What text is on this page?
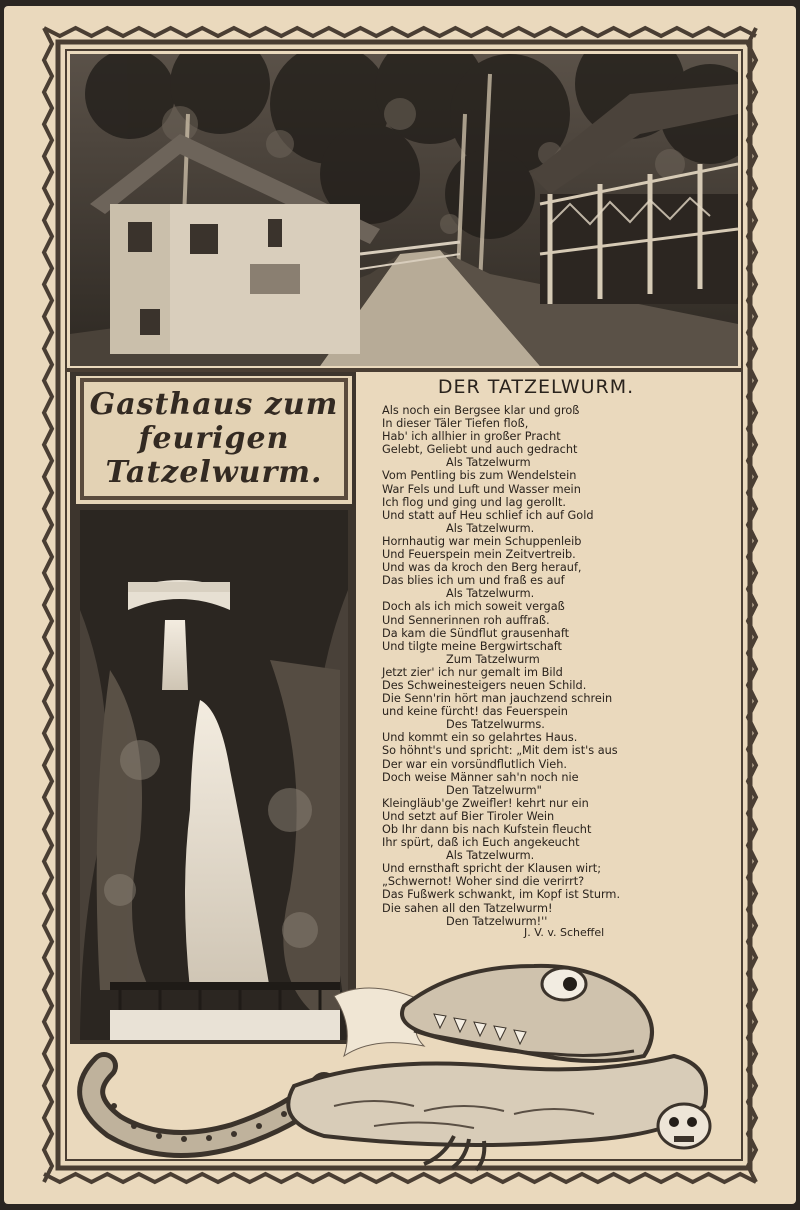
Gasthaus zum
feurigen
Tatzelwurm.
DER TATZELWURM.
Als noch ein Bergsee klar und groß
In dieser Täler Tiefen floß,
Hab' ich allhier in großer Pracht
Gelebt, Geliebt und auch gedracht
Als Tatzelwurm
Vom Pentling bis zum Wendelstein
War Fels und Luft und Wasser mein
Ich flog und ging und lag gerollt.
Und statt auf Heu schlief ich auf Gold
Als Tatzelwurm.
Hornhautig war mein Schuppenleib
Und Feuerspein mein Zeitvertreib.
Und was da kroch den Berg herauf,
Das blies ich um und fraß es auf
Als Tatzelwurm.
Doch als ich mich soweit vergaß
Und Sennerinnen roh auffraß.
Da kam die Sündflut grausenhaft
Und tilgte meine Bergwirtschaft
Zum Tatzelwurm
Jetzt zier' ich nur gemalt im Bild
Des Schweinesteigers neuen Schild.
Die Senn'rin hört man jauchzend schrein
und keine fürcht! das Feuerspein
Des Tatzelwurms.
Und kommt ein so gelahrtes Haus.
So höhnt's und spricht: „Mit dem ist's aus
Der war ein vorsündflutlich Vieh.
Doch weise Männer sah'n noch nie
Den Tatzelwurm"
Kleingläub'ge Zweifler! kehrt nur ein
Und setzt auf Bier Tiroler Wein
Ob Ihr dann bis nach Kufstein fleucht
Ihr spürt, daß ich Euch angekeucht
Als Tatzelwurm.
Und ernsthaft spricht der Klausen wirt;
„Schwernot! Woher sind die verirrt?
Das Fußwerk schwankt, im Kopf ist Sturm.
Die sahen all den Tatzelwurm!
Den Tatzelwurm!''
J. V. v. Scheffel
